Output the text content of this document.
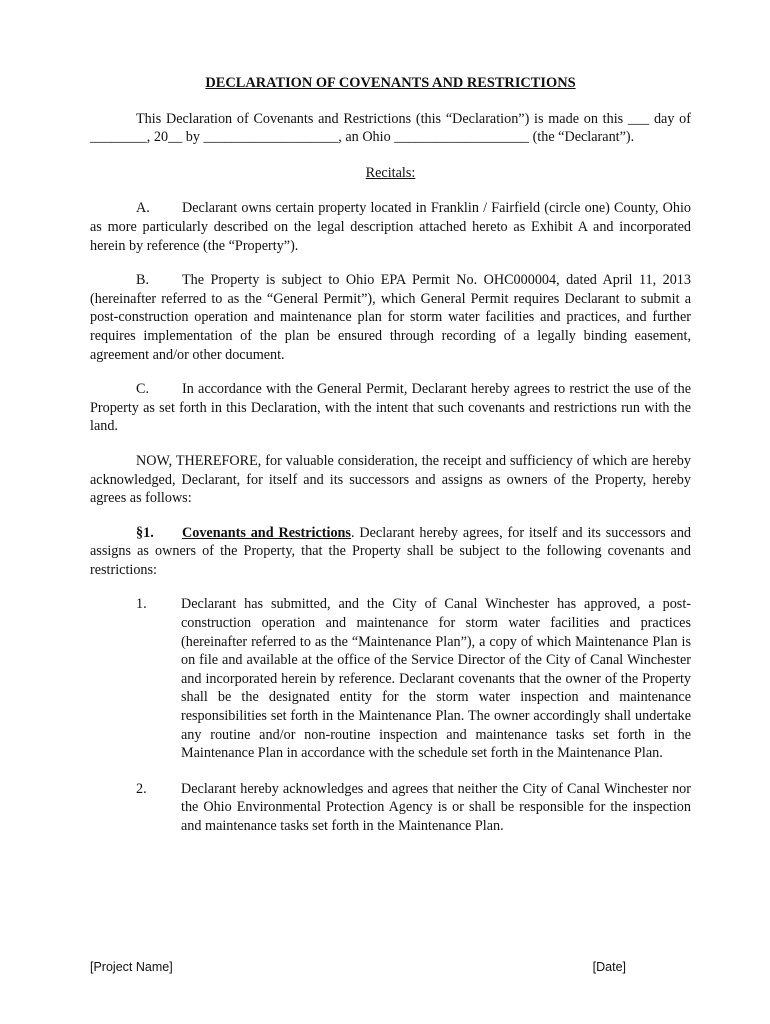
DECLARATION OF COVENANTS AND RESTRICTIONS

This Declaration of Covenants and Restrictions (this “Declaration”) is made on this ___ day of ________, 20__ by ___________________, an Ohio ___________________ (the “Declarant”).

Recitals:

A. Declarant owns certain property located in Franklin / Fairfield (circle one) County, Ohio as more particularly described on the legal description attached hereto as Exhibit A and incorporated herein by reference (the “Property”).

B. The Property is subject to Ohio EPA Permit No. OHC000004, dated April 11, 2013 (hereinafter referred to as the “General Permit”), which General Permit requires Declarant to submit a post-construction operation and maintenance plan for storm water facilities and practices, and further requires implementation of the plan be ensured through recording of a legally binding easement, agreement and/or other document.

C. In accordance with the General Permit, Declarant hereby agrees to restrict the use of the Property as set forth in this Declaration, with the intent that such covenants and restrictions run with the land.

NOW, THEREFORE, for valuable consideration, the receipt and sufficiency of which are hereby acknowledged, Declarant, for itself and its successors and assigns as owners of the Property, hereby agrees as follows:

§1. Covenants and Restrictions. Declarant hereby agrees, for itself and its successors and assigns as owners of the Property, that the Property shall be subject to the following covenants and restrictions:

1. Declarant has submitted, and the City of Canal Winchester has approved, a post-construction operation and maintenance for storm water facilities and practices (hereinafter referred to as the “Maintenance Plan”), a copy of which Maintenance Plan is on file and available at the office of the Service Director of the City of Canal Winchester and incorporated herein by reference. Declarant covenants that the owner of the Property shall be the designated entity for the storm water inspection and maintenance responsibilities set forth in the Maintenance Plan. The owner accordingly shall undertake any routine and/or non-routine inspection and maintenance tasks set forth in the Maintenance Plan in accordance with the schedule set forth in the Maintenance Plan.
2. Declarant hereby acknowledges and agrees that neither the City of Canal Winchester nor the Ohio Environmental Protection Agency is or shall be responsible for the inspection and maintenance tasks set forth in the Maintenance Plan.
[Project Name]	[Date]
